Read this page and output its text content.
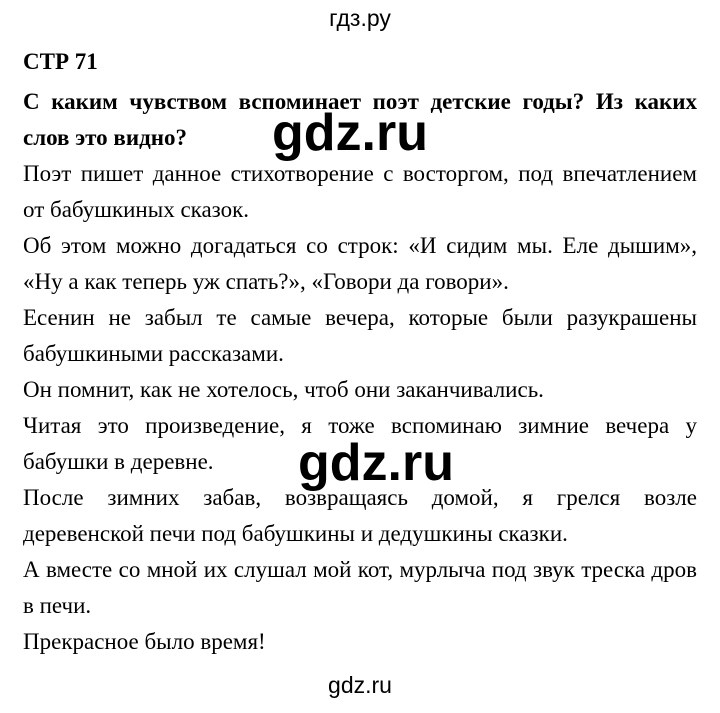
гдз.ру

СТР 71

С каким чувством вспоминает поэт детские годы? Из каких слов это видно?

Поэт пишет данное стихотворение с восторгом, под впечатлением от бабушкиных сказок.

Об этом можно догадаться со строк: «И сидим мы. Еле дышим», «Ну а как теперь уж спать?», «Говори да говори».

Есенин не забыл те самые вечера, которые были разукрашены бабушкиными рассказами.

Он помнит, как не хотелось, чтоб они заканчивались.

Читая это произведение, я тоже вспоминаю зимние вечера у бабушки в деревне.

После зимних забав, возвращаясь домой, я грелся возле деревенской печи под бабушкины и дедушкины сказки.

А вместе со мной их слушал мой кот, мурлыча под звук треска дров в печи.

Прекрасное было время!

gdz.ru
gdz.ru
gdz.ru
